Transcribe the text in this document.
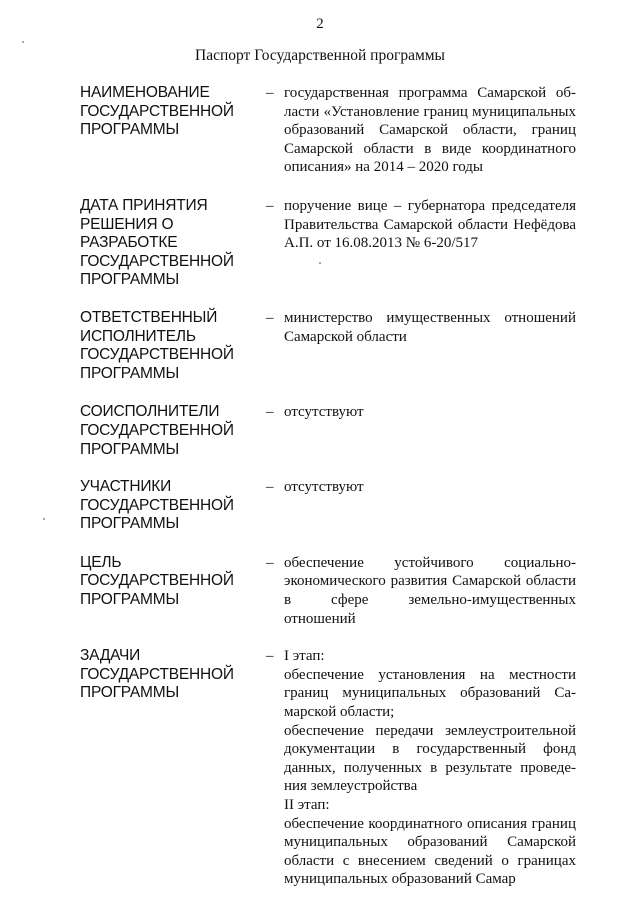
2
Паспорт Государственной программы
НАИМЕНОВАНИЕ
ГОСУДАРСТВЕННОЙ
ПРОГРАММЫ
– государственная программа Самарской области «Установление границ муниципальных образований Самарской области, границ Самарской области в виде координатного описания» на 2014 – 2020 годы
ДАТА ПРИНЯТИЯ
РЕШЕНИЯ О
РАЗРАБОТКЕ
ГОСУДАРСТВЕННОЙ
ПРОГРАММЫ
– поручение вице – губернатора председателя Правительства Самарской области Нефёдова А.П. от 16.08.2013 № 6-20/517
ОТВЕТСТВЕННЫЙ
ИСПОЛНИТЕЛЬ
ГОСУДАРСТВЕННОЙ
ПРОГРАММЫ
– министерство имущественных отношений Самарской области
СОИСПОЛНИТЕЛИ
ГОСУДАРСТВЕННОЙ
ПРОГРАММЫ
– отсутствуют
УЧАСТНИКИ
ГОСУДАРСТВЕННОЙ
ПРОГРАММЫ
– отсутствуют
ЦЕЛЬ
ГОСУДАРСТВЕННОЙ
ПРОГРАММЫ
– обеспечение устойчивого социально-экономического развития Самарской области в сфере земельно-имущественных отношений
ЗАДАЧИ
ГОСУДАРСТВЕННОЙ
ПРОГРАММЫ
– I этап:
обеспечение установления на местности границ муниципальных образований Самарской области;
обеспечение передачи землеустроительной документации в государственный фонд данных, полученных в результате проведения землеустройства
II этап:
обеспечение координатного описания границ муниципальных образований Самарской области с внесением сведений о границах муниципальных образований Самар
